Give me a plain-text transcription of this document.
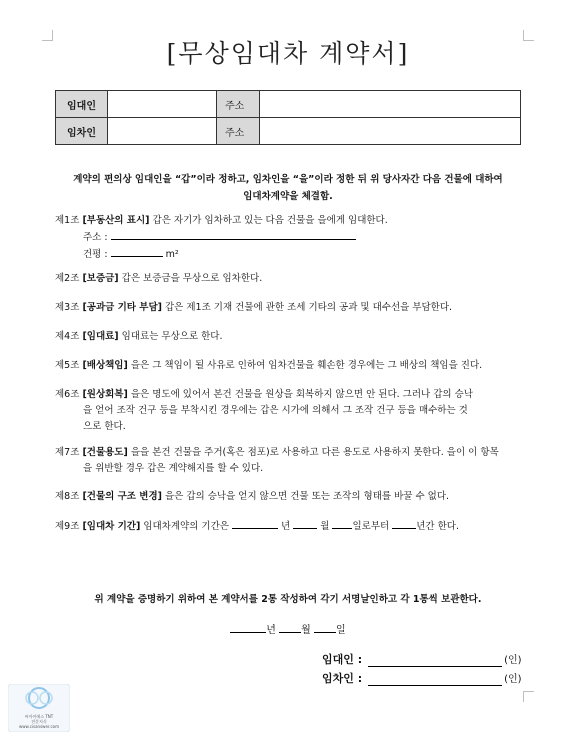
[무상임대차 계약서]
임대인		주소	
임차인		주소	
계약의 편의상 임대인을 “갑”이라 정하고, 임차인을 “을”이라 정한 뒤 위 당사자간 다음 건물에 대하여
임대차계약을 체결함.
제1조 [부동산의 표시] 갑은 자기가 임차하고 있는 다음 건물을 을에게 임대한다.
주소 :
건평 :	m²
제2조 [보증금] 갑은 보증금을 무상으로 임차한다.
제3조 [공과금 기타 부담] 갑은 제1조 기재 건물에 관한 조세 기타의 공과 및 대수선을 부담한다.
제4조 [임대료] 임대료는 무상으로 한다.
제5조 [배상책임] 을은 그 책임이 될 사유로 인하여 임차건물을 훼손한 경우에는 그 배상의 책임을 진다.
제6조 [원상회복] 을은 명도에 있어서 본건 건물을 원상을 회복하지 않으면 안 된다. 그러나 갑의 승낙
을 얻어 조작 건구 등을 부착시킨 경우에는 갑은 시가에 의해서 그 조작 건구 등을 매수하는 것
으로 한다.
제7조 [건물용도] 을을 본건 건물을 주거(혹은 점포)로 사용하고 다른 용도로 사용하지 못한다. 을이 이 항목
을 위반할 경우 갑은 계약해지를 할 수 있다.
제8조 [건물의 구조 변경] 을은 갑의 승낙을 얻지 않으면 건물 또는 조작의 형태를 바꿀 수 없다.
제9조 [임대차 기간] 임대차계약의 기간은	년	월 일로부터	년간 한다.
위 계약을 증명하기 위하여 본 계약서를 2통 작성하여 각기 서명날인하고 각 1통씩 보관한다.
년	월	일
임대인 :	(인)
임차인 :	(인)
씨아이에스 TNT
전문지식
www.cisanswer.com
